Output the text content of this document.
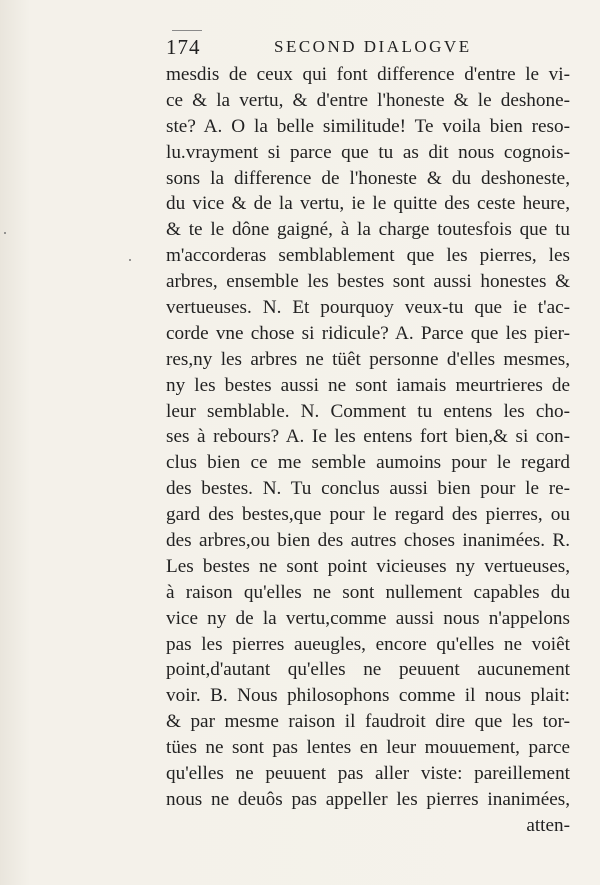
174	SECOND DIALOGVE
mesdis de ceux qui font difference d'entre le vi-
ce & la vertu, & d'entre l'honeste & le deshone-
ste? A. O la belle similitude! Te voila bien reso-
lu.vrayment si parce que tu as dit nous cognois-
sons la difference de l'honeste & du deshoneste,
du vice & de la vertu, ie le quitte des ceste heure,
& te le dône gaigné, à la charge toutesfois que tu
m'accorderas semblablement que les pierres, les
arbres, ensemble les bestes sont aussi honestes &
vertueuses. N. Et pourquoy veux-tu que ie t'ac-
corde vne chose si ridicule? A. Parce que les pier-
res,ny les arbres ne tüêt personne d'elles mesmes,
ny les bestes aussi ne sont iamais meurtrieres de
leur semblable. N. Comment tu entens les cho-
ses à rebours? A. Ie les entens fort bien,& si con-
clus bien ce me semble aumoins pour le regard
des bestes. N. Tu conclus aussi bien pour le re-
gard des bestes,que pour le regard des pierres, ou
des arbres,ou bien des autres choses inanimées. R.
Les bestes ne sont point vicieuses ny vertueuses,
à raison qu'elles ne sont nullement capables du
vice ny de la vertu,comme aussi nous n'appelons
pas les pierres aueugles, encore qu'elles ne voiêt
point,d'autant qu'elles ne peuuent aucunement
voir. B. Nous philosophons comme il nous plait:
& par mesme raison il faudroit dire que les tor-
tües ne sont pas lentes en leur mouuement, parce
qu'elles ne peuuent pas aller viste: pareillement
nous ne deuôs pas appeller les pierres inanimées,
atten-
